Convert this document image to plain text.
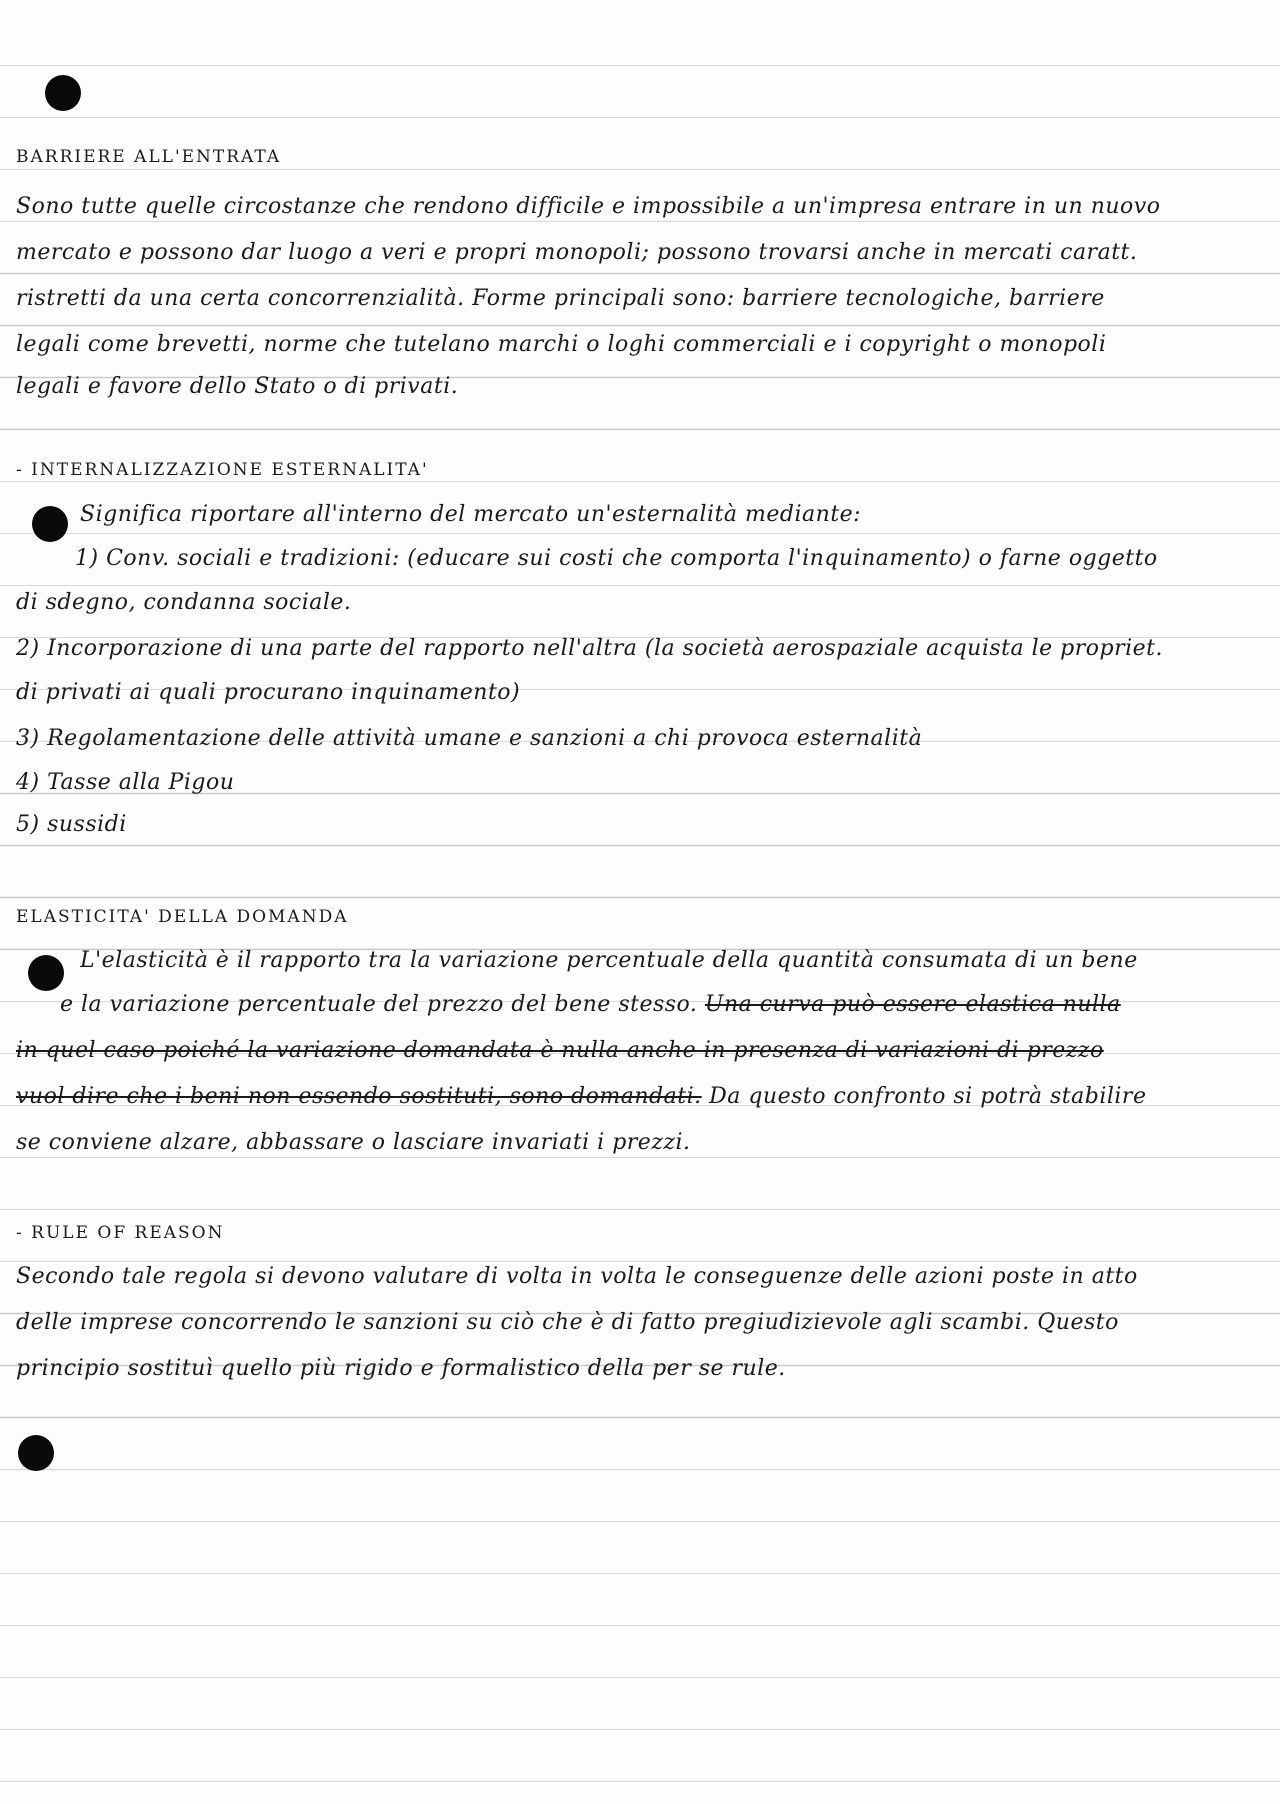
BARRIERE ALL'ENTRATA
Sono tutte quelle circostanze che rendono difficile e impossibile a un'impresa entrare in un nuovo
mercato e possono dar luogo a veri e propri monopoli; possono trovarsi anche in mercati caratt.
ristretti da una certa concorrenzialità. Forme principali sono: barriere tecnologiche, barriere
legali come brevetti, norme che tutelano marchi o loghi commerciali e i copyright o monopoli
legali e favore dello Stato o di privati.
- INTERNALIZZAZIONE ESTERNALITA'
Significa riportare all'interno del mercato un'esternalità mediante:
1) Conv. sociali e tradizioni: (educare sui costi che comporta l'inquinamento) o farne oggetto
di sdegno, condanna sociale.
2) Incorporazione di una parte del rapporto nell'altra (la società aerospaziale acquista le propriet.
di privati ai quali procurano inquinamento)
3) Regolamentazione delle attività umane e sanzioni a chi provoca esternalità
4) Tasse alla Pigou
5) sussidi
ELASTICITA' DELLA DOMANDA
L'elasticità è il rapporto tra la variazione percentuale della quantità consumata di un bene
e la variazione percentuale del prezzo del bene stesso. Una curva può essere elastica nulla
in quel caso poiché la variazione domandata è nulla anche in presenza di variazioni di prezzo
vuol dire che i beni non essendo sostituti, sono domandati. Da questo confronto si potrà stabilire
se conviene alzare, abbassare o lasciare invariati i prezzi.
- RULE OF REASON
Secondo tale regola si devono valutare di volta in volta le conseguenze delle azioni poste in atto
delle imprese concorrendo le sanzioni su ciò che è di fatto pregiudizievole agli scambi. Questo
principio sostituì quello più rigido e formalistico della per se rule.
